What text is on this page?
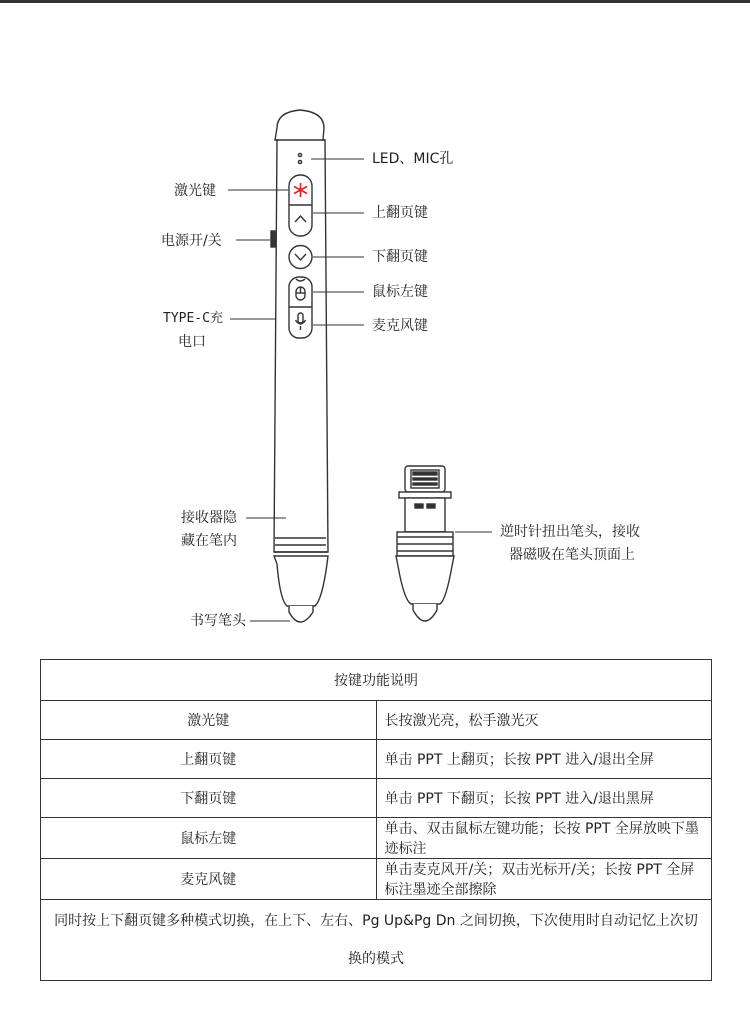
LED、MIC孔
激光键
上翻页键
电源开/关
下翻页键
鼠标左键
TYPE-C充
电口
麦克风键
接收器隐
藏在笔内
逆时针扭出笔头，接收
器磁吸在笔头顶面上
书写笔头
按键功能说明	
激光键	长按激光亮，松手激光灭
上翻页键	单击 PPT 上翻页；长按 PPT 进入/退出全屏
下翻页键	单击 PPT 下翻页；长按 PPT 进入/退出黑屏
鼠标左键	单击、双击鼠标左键功能；长按 PPT 全屏放映下墨迹标注
麦克风键	单击麦克风开/关；双击光标开/关；长按 PPT 全屏标注墨迹全部擦除
同时按上下翻页键多种模式切换，在上下、左右、Pg Up&Pg Dn 之间切换，下次使用时自动记忆上次切换的模式	
